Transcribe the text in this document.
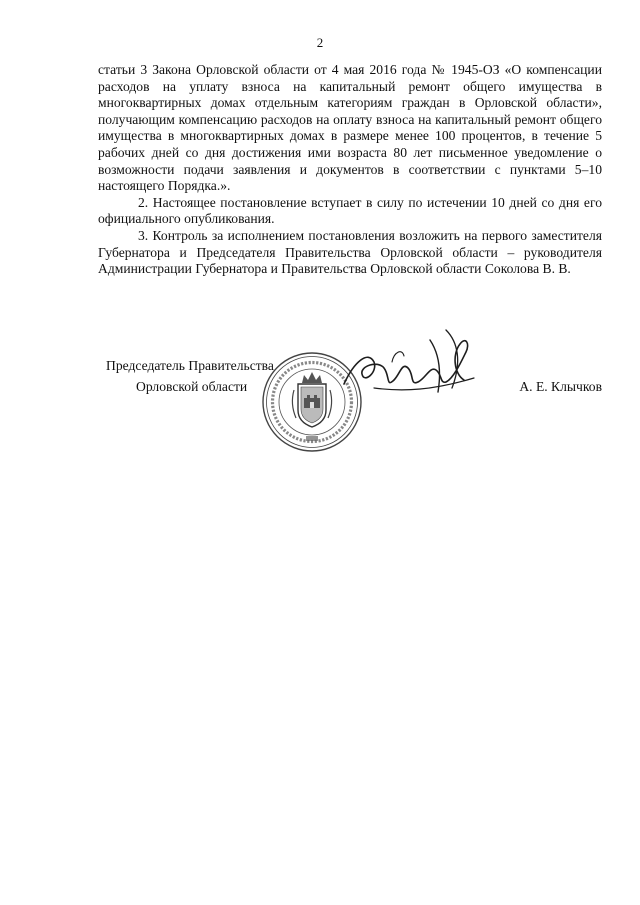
2

статьи 3 Закона Орловской области от 4 мая 2016 года № 1945-ОЗ «О компенсации расходов на уплату взноса на капитальный ремонт общего имущества в многоквартирных домах отдельным категориям граждан в Орловской области», получающим компенсацию расходов на оплату взноса на капитальный ремонт общего имущества в многоквартирных домах в размере менее 100 процентов, в течение 5 рабочих дней со дня достижения ими возраста 80 лет письменное уведомление о возможности подачи заявления и документов в соответствии с пунктами 5–10 настоящего Порядка.».

2. Настоящее постановление вступает в силу по истечении 10 дней со дня его официального опубликования.

3. Контроль за исполнением постановления возложить на первого заместителя Губернатора и Председателя Правительства Орловской области – руководителя Администрации Губернатора и Правительства Орловской области Соколова В. В.

Председатель Правительства
Орловской области	А. Е. Клычков
